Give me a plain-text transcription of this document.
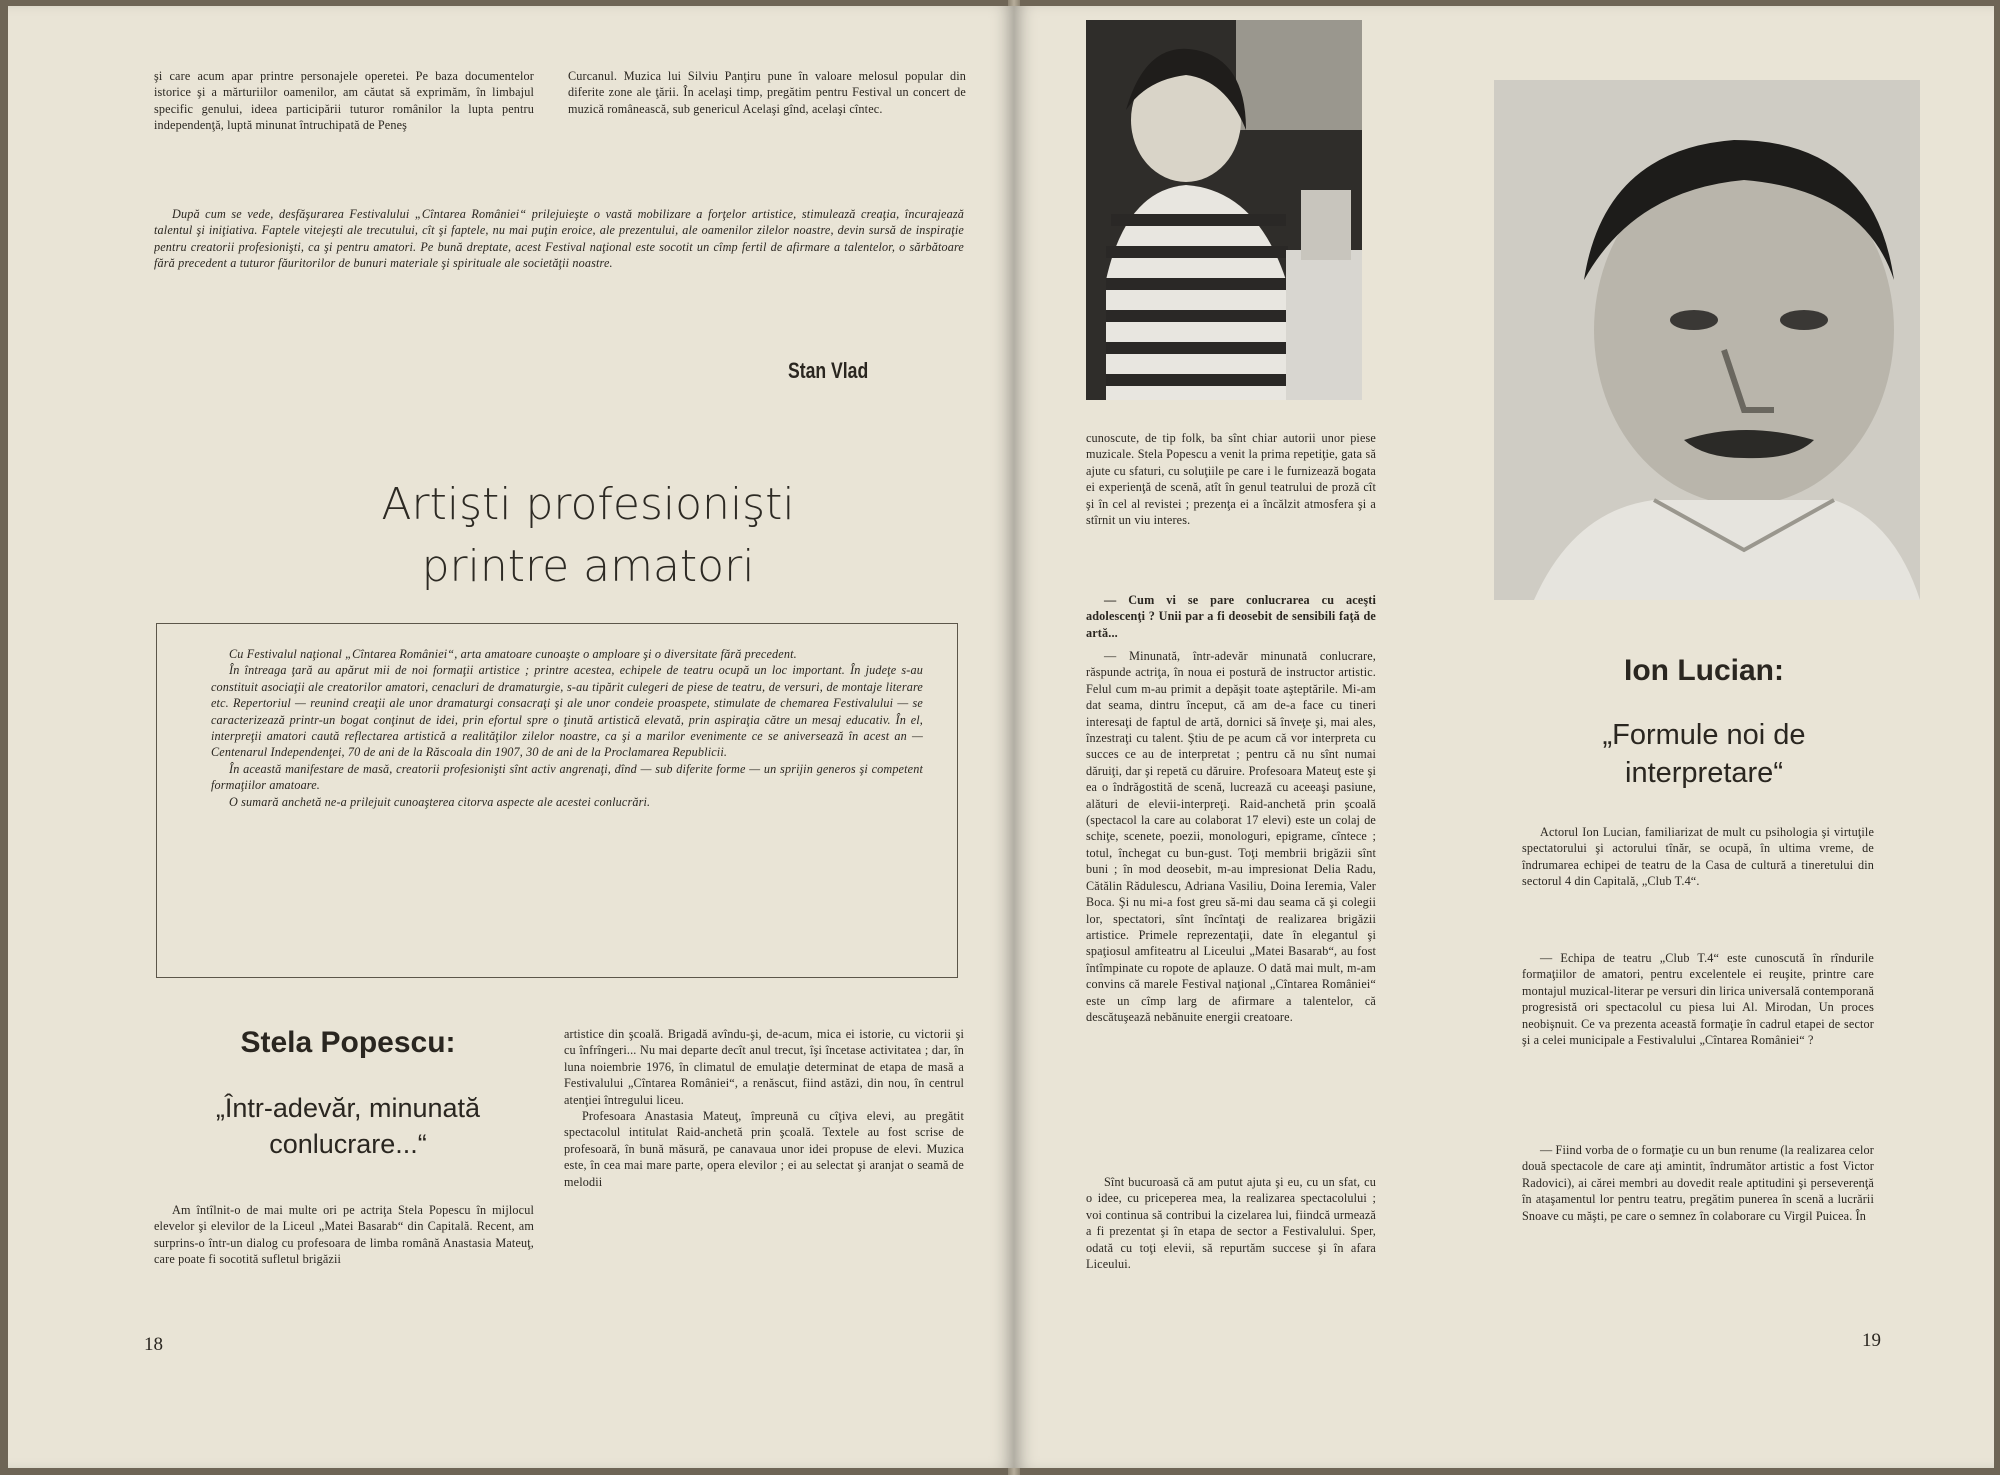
şi care acum apar printre personajele operetei. Pe baza documentelor istorice şi a mărturiilor oamenilor, am căutat să exprimăm, în limbajul specific genului, ideea participării tuturor românilor la lupta pentru independenţă, luptă minunat întruchipată de Peneş

Curcanul. Muzica lui Silviu Panţiru pune în valoare melosul popular din diferite zone ale ţării. În acelaşi timp, pregătim pentru Festival un concert de muzică românească, sub genericul Acelaşi gînd, acelaşi cîntec.

După cum se vede, desfăşurarea Festivalului „Cîntarea României“ prilejuieşte o vastă mobilizare a forţelor artistice, stimulează creaţia, încurajează talentul şi iniţiativa. Faptele vitejeşti ale trecutului, cît şi faptele, nu mai puţin eroice, ale prezentului, ale oamenilor zilelor noastre, devin sursă de inspiraţie pentru creatorii profesionişti, ca şi pentru amatori. Pe bună dreptate, acest Festival naţional este socotit un cîmp fertil de afirmare a talentelor, o sărbătoare fără precedent a tuturor făuritorilor de bunuri materiale şi spirituale ale societăţii noastre.

Stan Vlad
Artişti profesionişti
printre amatori

Cu Festivalul naţional „Cîntarea României“, arta amatoare cunoaşte o amploare şi o diversitate fără precedent.

În întreaga ţară au apărut mii de noi formaţii artistice ; printre acestea, echipele de teatru ocupă un loc important. În judeţe s-au constituit asociaţii ale creatorilor amatori, cenacluri de dramaturgie, s-au tipărit culegeri de piese de teatru, de versuri, de montaje literare etc. Repertoriul — reunind creaţii ale unor dramaturgi consacraţi şi ale unor condeie proaspete, stimulate de chemarea Festivalului — se caracterizează printr-un bogat conţinut de idei, prin efortul spre o ţinută artistică elevată, prin aspiraţia către un mesaj educativ. În el, interpreţii amatori caută reflectarea artistică a realităţilor zilelor noastre, ca şi a marilor evenimente ce se aniversează în acest an — Centenarul Independenţei, 70 de ani de la Răscoala din 1907, 30 de ani de la Proclamarea Republicii.

În această manifestare de masă, creatorii profesionişti sînt activ angrenaţi, dînd — sub diferite forme — un sprijin generos şi competent formaţiilor amatoare.

O sumară anchetă ne-a prilejuit cunoaşterea citorva aspecte ale acestei conlucrări.

Stela Popescu:
„Într-adevăr, minunată conlucrare...“

Am întîlnit-o de mai multe ori pe actriţa Stela Popescu în mijlocul elevelor şi elevilor de la Liceul „Matei Basarab“ din Capitală. Recent, am surprins-o într-un dialog cu profesoara de limba română Anastasia Mateuţ, care poate fi socotită sufletul brigăzii

artistice din şcoală. Brigadă avîndu-şi, de-acum, mica ei istorie, cu victorii şi cu înfrîngeri... Nu mai departe decît anul trecut, îşi încetase activitatea ; dar, în luna noiembrie 1976, în climatul de emulaţie determinat de etapa de masă a Festivalului „Cîntarea României“, a renăscut, fiind astăzi, din nou, în centrul atenţiei întregului liceu.

Profesoara Anastasia Mateuţ, împreună cu cîţiva elevi, au pregătit spectacolul intitulat Raid-anchetă prin şcoală. Textele au fost scrise de profesoară, în bună măsură, pe canavaua unor idei propuse de elevi. Muzica este, în cea mai mare parte, opera elevilor ; ei au selectat şi aranjat o seamă de melodii

18

cunoscute, de tip folk, ba sînt chiar autorii unor piese muzicale. Stela Popescu a venit la prima repetiţie, gata să ajute cu sfaturi, cu soluţiile pe care i le furnizează bogata ei experienţă de scenă, atît în genul teatrului de proză cît şi în cel al revistei ; prezenţa ei a încălzit atmosfera şi a stîrnit un viu interes.

— Cum vi se pare conlucrarea cu aceşti adolescenţi ? Unii par a fi deosebit de sensibili faţă de artă...

— Minunată, într-adevăr minunată conlucrare, răspunde actriţa, în noua ei postură de instructor artistic. Felul cum m-au primit a depăşit toate aşteptările. Mi-am dat seama, dintru început, că am de-a face cu tineri interesaţi de faptul de artă, dornici să înveţe şi, mai ales, înzestraţi cu talent. Ştiu de pe acum că vor interpreta cu succes ce au de interpretat ; pentru că nu sînt numai dăruiţi, dar şi repetă cu dăruire. Profesoara Mateuţ este şi ea o îndrăgostită de scenă, lucrează cu aceeaşi pasiune, alături de elevii-interpreţi. Raid-anchetă prin şcoală (spectacol la care au colaborat 17 elevi) este un colaj de schiţe, scenete, poezii, monologuri, epigrame, cîntece ; totul, închegat cu bun-gust. Toţi membrii brigăzii sînt buni ; în mod deosebit, m-au impresionat Delia Radu, Cătălin Rădulescu, Adriana Vasiliu, Doina Ieremia, Valer Boca. Şi nu mi-a fost greu să-mi dau seama că şi colegii lor, spectatori, sînt încîntaţi de realizarea brigăzii artistice. Primele reprezentaţii, date în elegantul şi spaţiosul amfiteatru al Liceului „Matei Basarab“, au fost întîmpinate cu ropote de aplauze. O dată mai mult, m-am convins că marele Festival naţional „Cîntarea României“ este un cîmp larg de afirmare a talentelor, că descătuşează nebănuite energii creatoare.

Sînt bucuroasă că am putut ajuta şi eu, cu un sfat, cu o idee, cu priceperea mea, la realizarea spectacolului ; voi continua să contribui la cizelarea lui, fiindcă urmează a fi prezentat şi în etapa de sector a Festivalului. Sper, odată cu toţi elevii, să repurtăm succese şi în afara Liceului.

Ion Lucian:
„Formule noi de interpretare“

Actorul Ion Lucian, familiarizat de mult cu psihologia şi virtuţile spectatorului şi actorului tînăr, se ocupă, în ultima vreme, de îndrumarea echipei de teatru de la Casa de cultură a tineretului din sectorul 4 din Capitală, „Club T.4“.

— Echipa de teatru „Club T.4“ este cunoscută în rîndurile formaţiilor de amatori, pentru excelentele ei reuşite, printre care montajul muzical-literar pe versuri din lirica universală contemporană progresistă ori spectacolul cu piesa lui Al. Mirodan, Un proces neobişnuit. Ce va prezenta această formaţie în cadrul etapei de sector şi a celei municipale a Festivalului „Cîntarea României“ ?

— Fiind vorba de o formaţie cu un bun renume (la realizarea celor două spectacole de care aţi amintit, îndrumător artistic a fost Victor Radovici), ai cărei membri au dovedit reale aptitudini şi perseverenţă în ataşamentul lor pentru teatru, pregătim punerea în scenă a lucrării Snoave cu măşti, pe care o semnez în colaborare cu Virgil Puicea. În

19
